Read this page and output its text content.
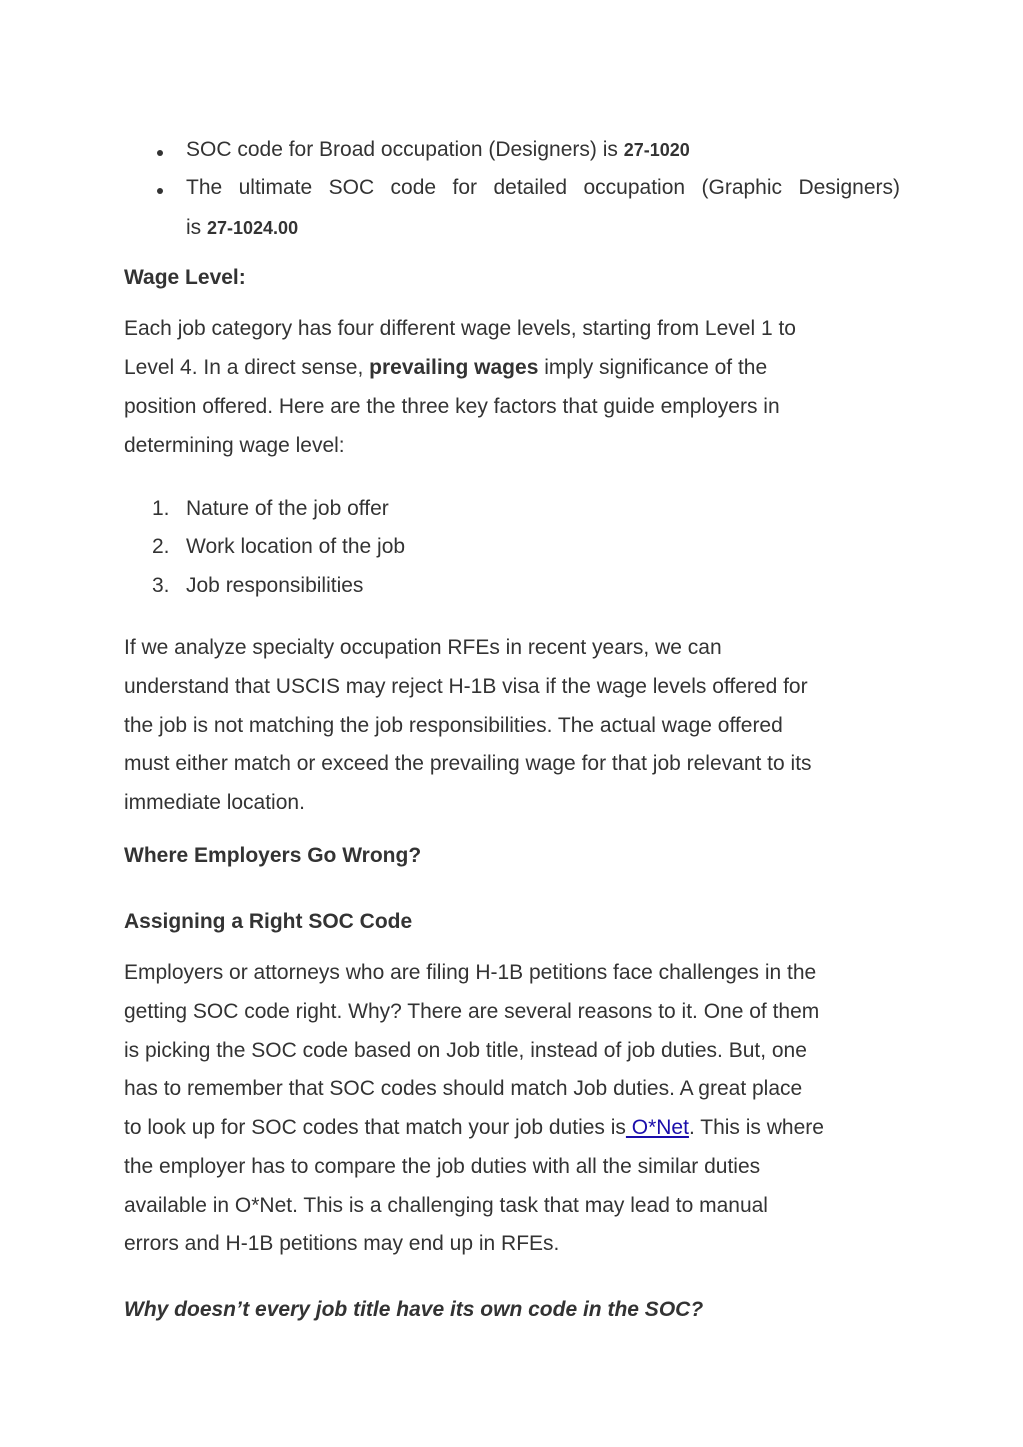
SOC code for Broad occupation (Designers) is 27-1020

The ultimate SOC code for detailed occupation (Graphic Designers)

is 27-1024.00

Wage Level:

Each job category has four different wage levels, starting from Level 1 to

Level 4. In a direct sense, prevailing wages imply significance of the

position offered. Here are the three key factors that guide employers in

determining wage level:

1. Nature of the job offer

2. Work location of the job

3. Job responsibilities

If we analyze specialty occupation RFEs in recent years, we can

understand that USCIS may reject H-1B visa if the wage levels offered for

the job is not matching the job responsibilities. The actual wage offered

must either match or exceed the prevailing wage for that job relevant to its

immediate location.

Where Employers Go Wrong?

Assigning a Right SOC Code

Employers or attorneys who are filing H-1B petitions face challenges in the

getting SOC code right. Why? There are several reasons to it. One of them

is picking the SOC code based on Job title, instead of job duties. But, one

has to remember that SOC codes should match Job duties. A great place

to look up for SOC codes that match your job duties is O*Net. This is where

the employer has to compare the job duties with all the similar duties

available in O*Net. This is a challenging task that may lead to manual

errors and H-1B petitions may end up in RFEs.

Why doesn’t every job title have its own code in the SOC?
